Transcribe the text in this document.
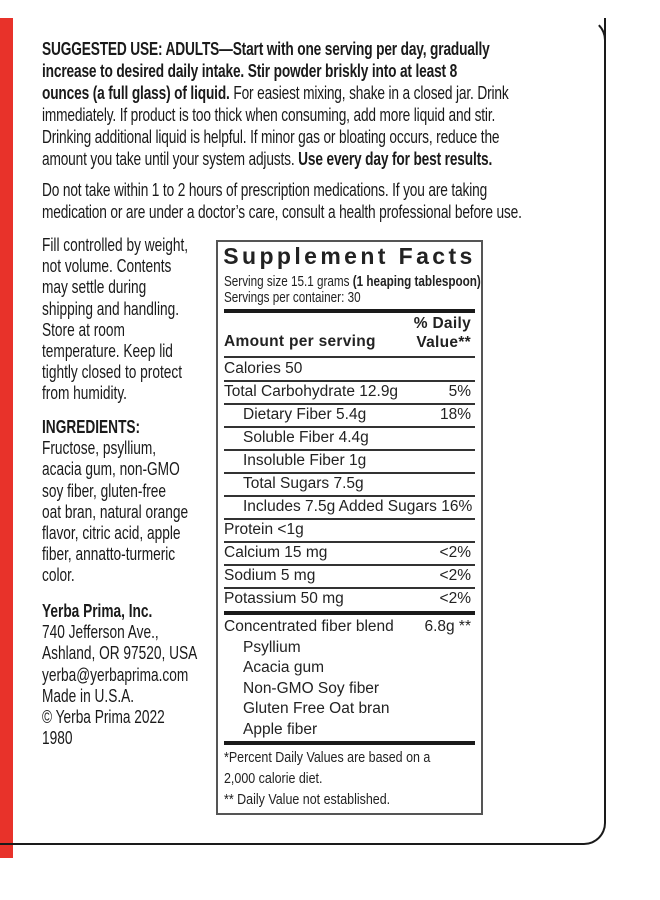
SUGGESTED USE: ADULTS—Start with one serving per day, gradually
increase to desired daily intake. Stir powder briskly into at least 8
ounces (a full glass) of liquid. For easiest mixing, shake in a closed jar. Drink
immediately. If product is too thick when consuming, add more liquid and stir.
Drinking additional liquid is helpful. If minor gas or bloating occurs, reduce the
amount you take until your system adjusts. Use every day for best results.
Do not take within 1 to 2 hours of prescription medications. If you are taking
medication or are under a doctor’s care, consult a health professional before use.
Fill controlled by weight,
not volume. Contents
may settle during
shipping and handling.
Store at room
temperature. Keep lid
tightly closed to protect
from humidity.
INGREDIENTS:
Fructose, psyllium,
acacia gum, non-GMO
soy fiber, gluten-free
oat bran, natural orange
flavor, citric acid, apple
fiber, annatto-turmeric
color.
Yerba Prima, Inc.
740 Jefferson Ave.,
Ashland, OR 97520, USA
yerba@yerbaprima.com
Made in U.S.A.
© Yerba Prima 2022
1980
Supplement Facts
Serving size 15.1 grams (1 heaping tablespoon)
Servings per container: 30
% Daily
Value**
Amount per serving
Calories 50
Total Carbohydrate 12.9g	5%
Dietary Fiber 5.4g	18%
Soluble Fiber 4.4g
Insoluble Fiber 1g
Total Sugars 7.5g
Includes 7.5g Added Sugars 16%
Protein <1g
Calcium 15 mg	<2%
Sodium 5 mg	<2%
Potassium 50 mg	<2%
Concentrated fiber blend 6.8g **
Psyllium
Acacia gum
Non-GMO Soy fiber
Gluten Free Oat bran
Apple fiber
*Percent Daily Values are based on a
2,000 calorie diet.
** Daily Value not established.
